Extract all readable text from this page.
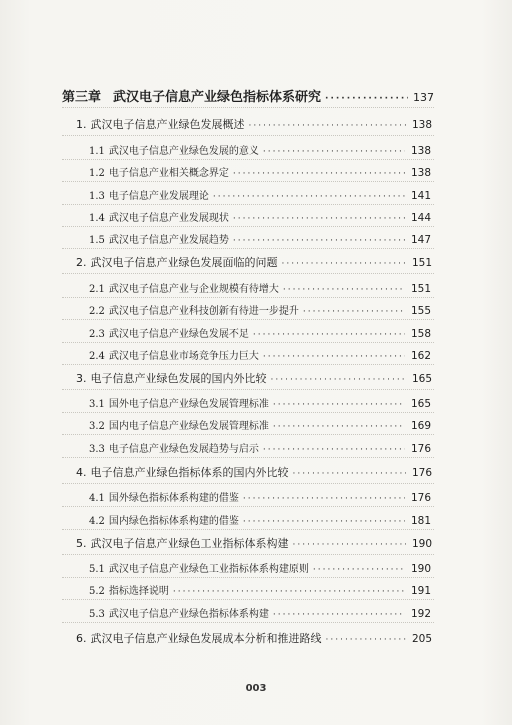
第三章 武汉电子信息产业绿色指标体系研究 ·····	137
1. 武汉电子信息产业绿色发展概述 ·····	138
1.1 武汉电子信息产业绿色发展的意义 ·····	138
1.2 电子信息产业相关概念界定 ·····	138
1.3 电子信息产业发展理论 ·····	141
1.4 武汉电子信息产业发展现状 ·····	144
1.5 武汉电子信息产业发展趋势 ·····	147
2. 武汉电子信息产业绿色发展面临的问题 ·····	151
2.1 武汉电子信息产业与企业规模有待增大 ·····	151
2.2 武汉电子信息产业科技创新有待进一步提升 ·····	155
2.3 武汉电子信息产业绿色发展不足 ·····	158
2.4 武汉电子信息业市场竞争压力巨大 ·····	162
3. 电子信息产业绿色发展的国内外比较 ·····	165
3.1 国外电子信息产业绿色发展管理标准 ·····	165
3.2 国内电子信息产业绿色发展管理标准 ·····	169
3.3 电子信息产业绿色发展趋势与启示 ·····	176
4. 电子信息产业绿色指标体系的国内外比较 ·····	176
4.1 国外绿色指标体系构建的借鉴 ·····	176
4.2 国内绿色指标体系构建的借鉴 ·····	181
5. 武汉电子信息产业绿色工业指标体系构建 ·····	190
5.1 武汉电子信息产业绿色工业指标体系构建原则 ·····	190
5.2 指标选择说明 ·····	191
5.3 武汉电子信息产业绿色指标体系构建 ·····	192
6. 武汉电子信息产业绿色发展成本分析和推进路线 ·····	205
003
